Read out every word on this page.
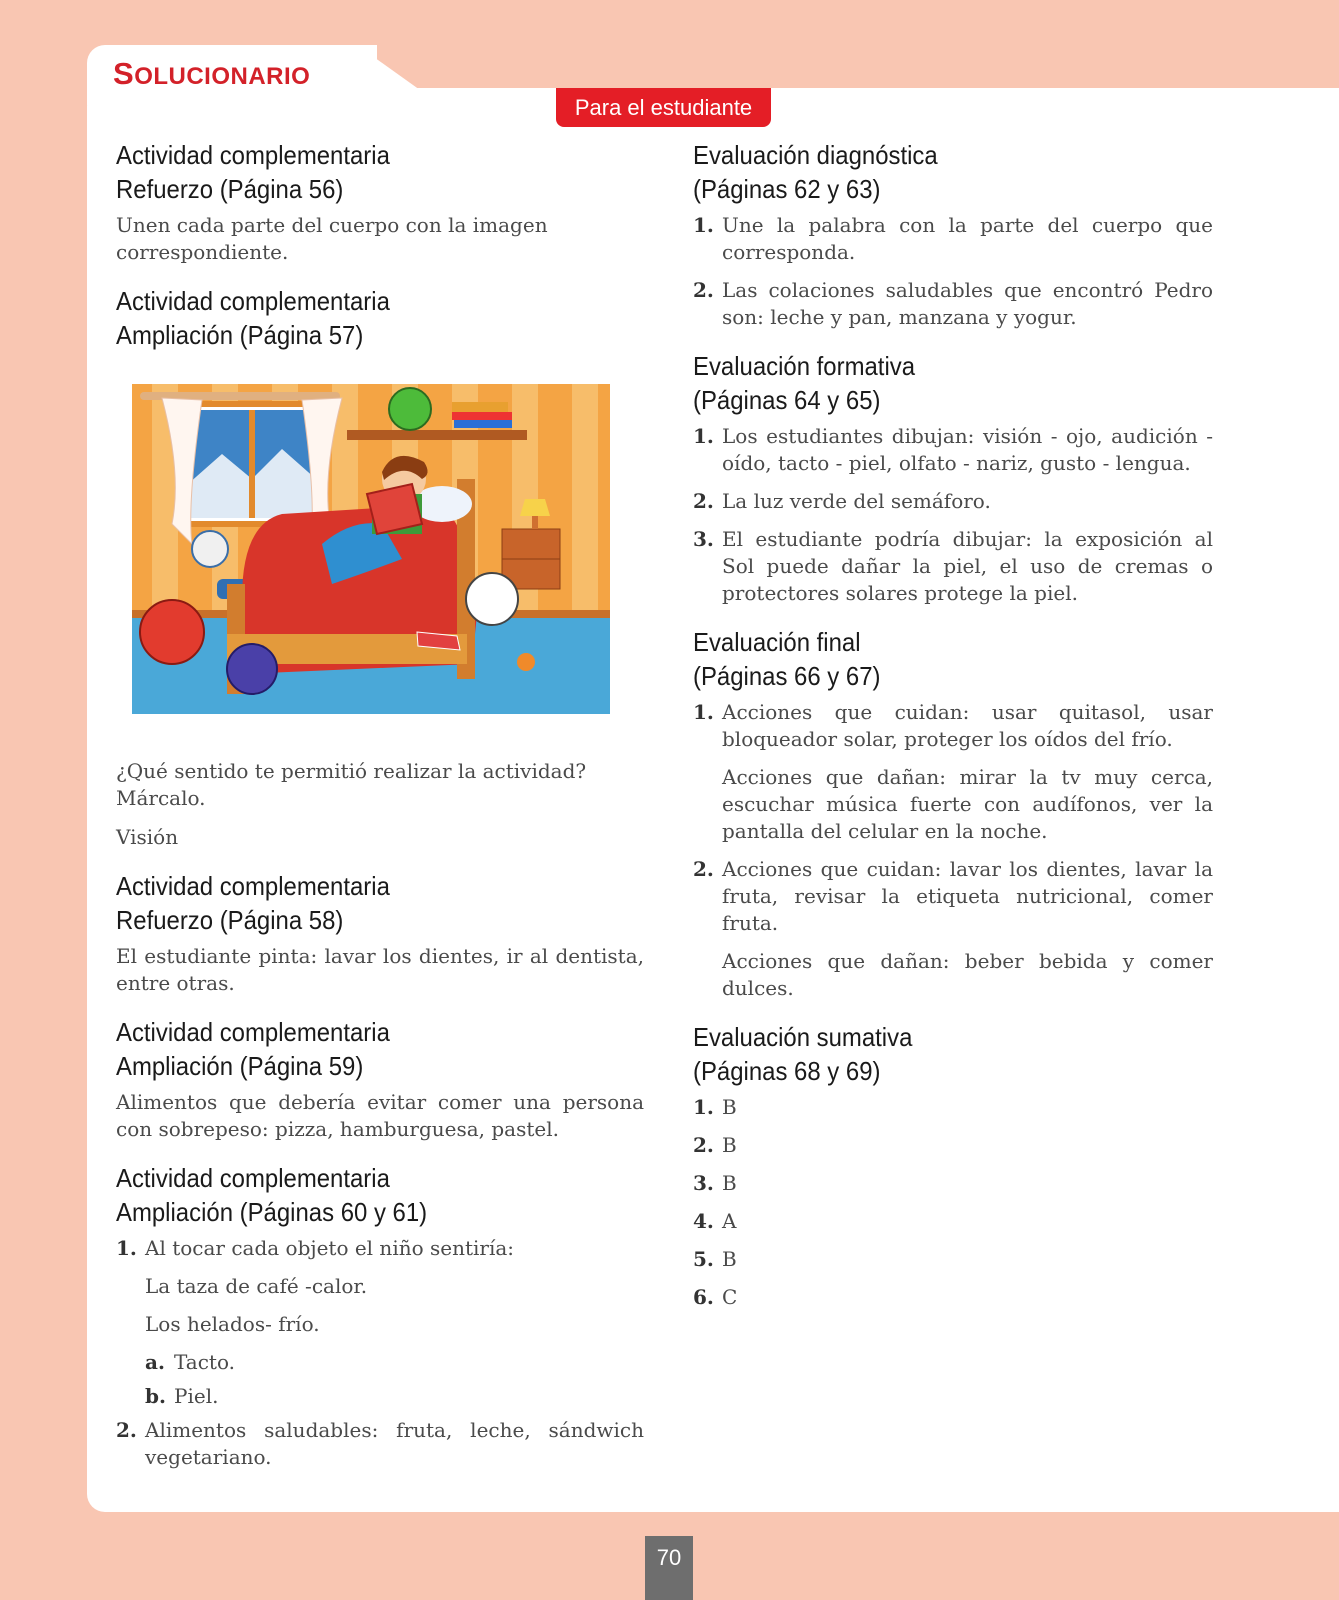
SOLUCIONARIO
Para el estudiante
Actividad complementaria
Refuerzo (Página 56)

Unen cada parte del cuerpo con la imagen correspondiente.

Actividad complementaria
Ampliación (Página 57)

¿Qué sentido te permitió realizar la actividad? Márcalo.

Visión

Actividad complementaria
Refuerzo (Página 58)

El estudiante pinta: lavar los dientes, ir al dentista, entre otras.

Actividad complementaria
Ampliación (Página 59)

Alimentos que debería evitar comer una persona con sobrepeso: pizza, hamburguesa, pastel.

Actividad complementaria
Ampliación (Páginas 60 y 61)
1. Al tocar cada objeto el niño sentiría:
La taza de café -calor.
Los helados- frío.
a. Tacto.
b. Piel.
2. Alimentos saludables: fruta, leche, sándwich vegetariano.
Evaluación diagnóstica
(Páginas 62 y 63)
1. Une la palabra con la parte del cuerpo que corresponda.
2. Las colaciones saludables que encontró Pedro son: leche y pan, manzana y yogur.
Evaluación formativa
(Páginas 64 y 65)
1. Los estudiantes dibujan: visión - ojo, audición - oído, tacto - piel, olfato - nariz, gusto - lengua.
2. La luz verde del semáforo.
3. El estudiante podría dibujar: la exposición al Sol puede dañar la piel, el uso de cremas o protectores solares protege la piel.
Evaluación final
(Páginas 66 y 67)
1. Acciones que cuidan: usar quitasol, usar bloqueador solar, proteger los oídos del frío.
Acciones que dañan: mirar la tv muy cerca, escuchar música fuerte con audífonos, ver la pantalla del celular en la noche.
2. Acciones que cuidan: lavar los dientes, lavar la fruta, revisar la etiqueta nutricional, comer fruta.
Acciones que dañan: beber bebida y comer dulces.
Evaluación sumativa
(Páginas 68 y 69)
1. B
2. B
3. B
4. A
5. B
6. C
70
